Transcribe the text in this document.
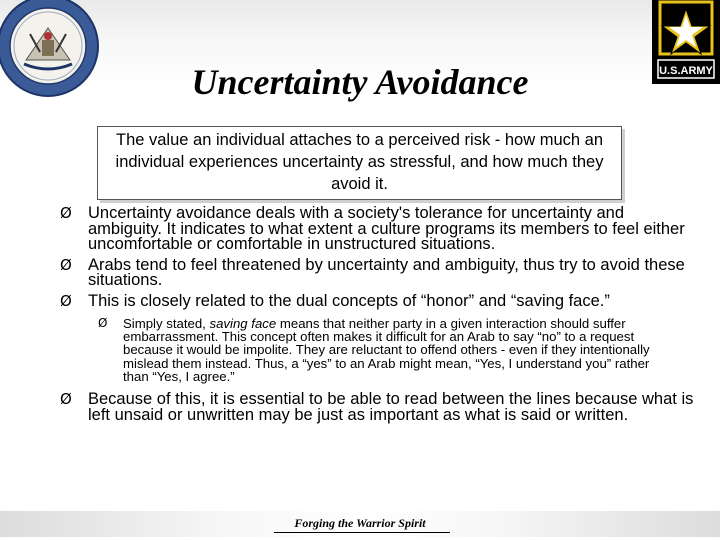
U.S.ARMY
Uncertainty Avoidance
The value an individual attaches to a perceived risk - how much an individual experiences uncertainty as stressful, and how much they avoid it.
Ø Uncertainty avoidance deals with a society's tolerance for uncertainty and ambiguity. It indicates to what extent a culture programs its members to feel either uncomfortable or comfortable in unstructured situations.
Ø Arabs tend to feel threatened by uncertainty and ambiguity, thus try to avoid these situations.
Ø This is closely related to the dual concepts of “honor” and “saving face.”
Ø Simply stated, saving face means that neither party in a given interaction should suffer embarrassment. This concept often makes it difficult for an Arab to say “no” to a request because it would be impolite. They are reluctant to offend others - even if they intentionally mislead them instead. Thus, a “yes” to an Arab might mean, “Yes, I understand you” rather than “Yes, I agree.”
Ø Because of this, it is essential to be able to read between the lines because what is left unsaid or unwritten may be just as important as what is said or written.
Forging the Warrior Spirit
